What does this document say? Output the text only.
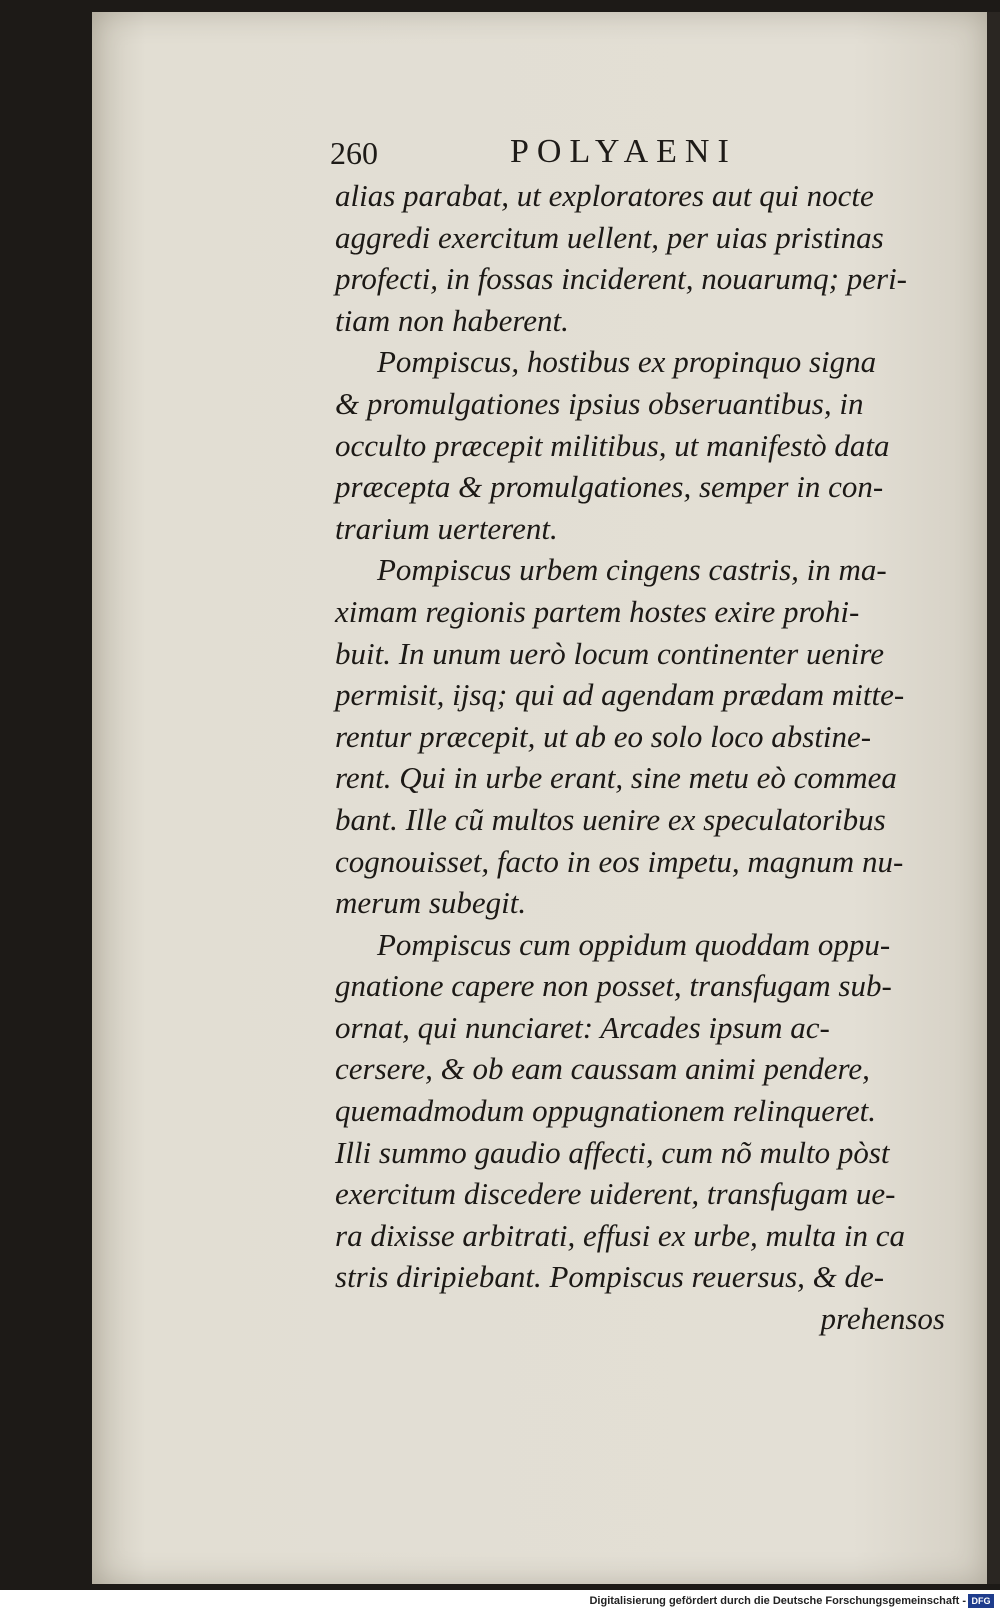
260	POLYAENI
alias parabat, ut exploratores aut qui nocte
aggredi exercitum uellent, per uias pristinas
profecti, in fossas inciderent, nouarumq; peri-
tiam non haberent.
Pompiscus, hostibus ex propinquo signa
& promulgationes ipsius obseruantibus, in
occulto præcepit militibus, ut manifestò data
præcepta & promulgationes, semper in con-
trarium uerterent.
Pompiscus urbem cingens castris, in ma-
ximam regionis partem hostes exire prohi-
buit. In unum uerò locum continenter uenire
permisit, ijsq; qui ad agendam prædam mitte-
rentur præcepit, ut ab eo solo loco abstine-
rent. Qui in urbe erant, sine metu eò commea
bant. Ille cũ multos uenire ex speculatoribus
cognouisset, facto in eos impetu, magnum nu-
merum subegit.
Pompiscus cum oppidum quoddam oppu-
gnatione capere non posset, transfugam sub-
ornat, qui nunciaret: Arcades ipsum ac-
cersere, & ob eam caussam animi pendere,
quemadmodum oppugnationem relinqueret.
Illi summo gaudio affecti, cum nõ multo pòst
exercitum discedere uiderent, transfugam ue-
ra dixisse arbitrati, effusi ex urbe, multa in ca
stris diripiebant. Pompiscus reuersus, & de-
prehensos
Digitalisierung gefördert durch die Deutsche Forschungsgemeinschaft - DFG
